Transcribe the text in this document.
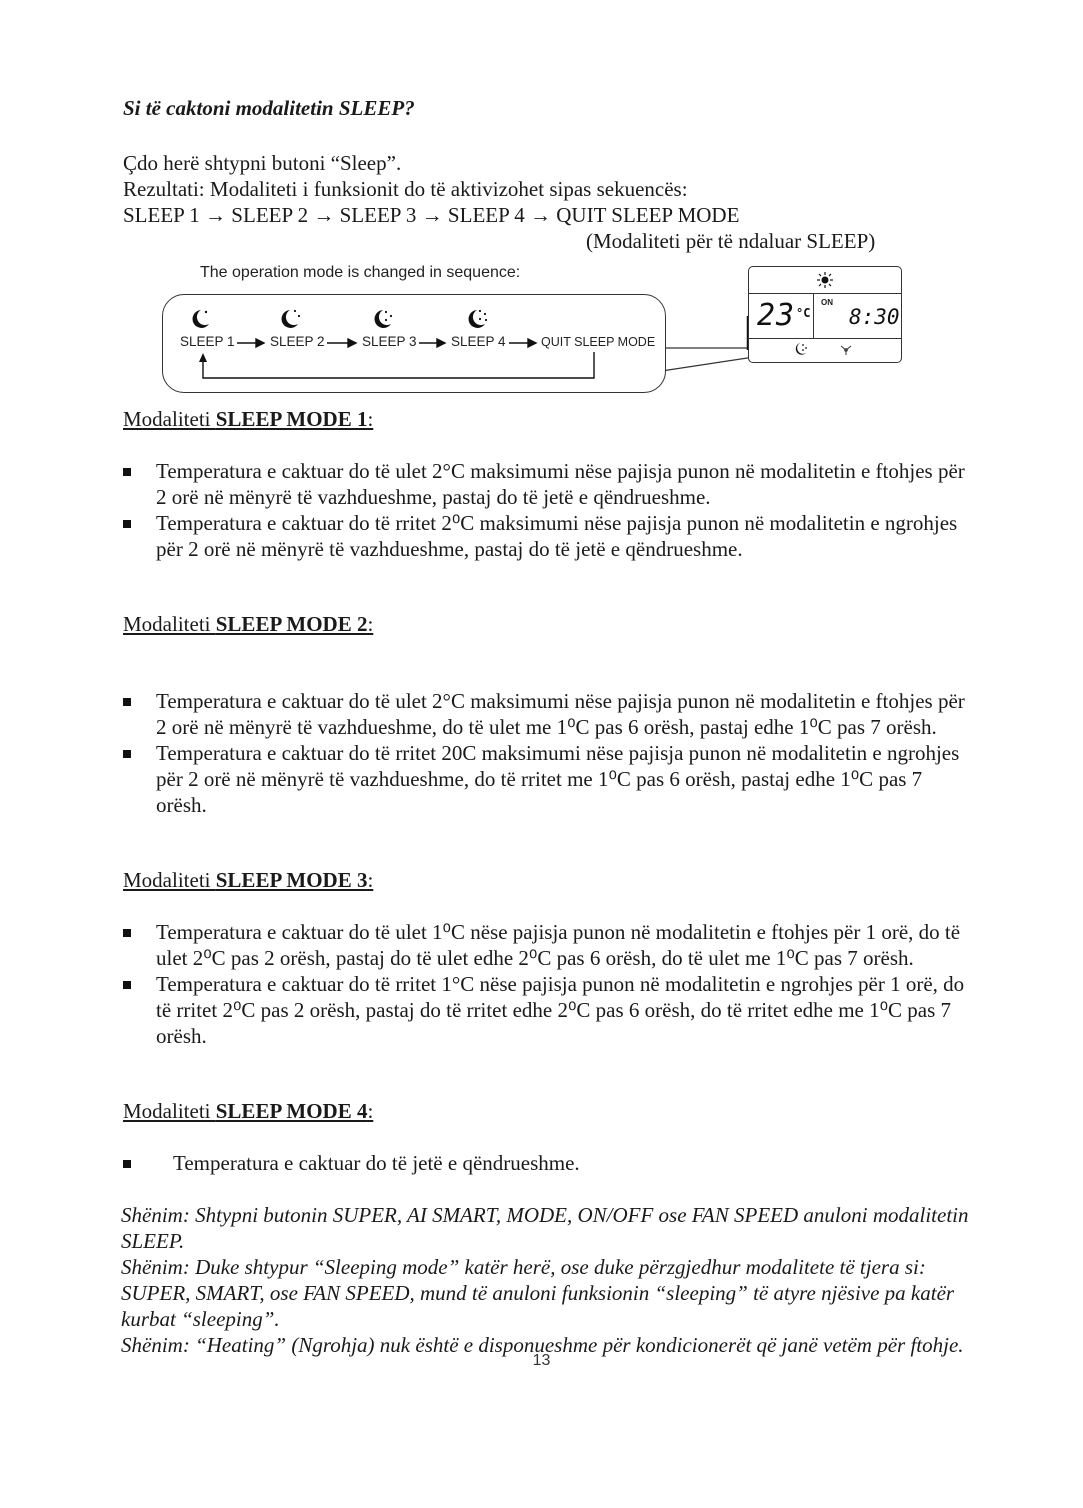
Si të caktoni modalitetin SLEEP?
Çdo herë shtypni butoni “Sleep”.
Rezultati: Modaliteti i funksionit do të aktivizohet sipas sekuencës:
SLEEP 1 → SLEEP 2 → SLEEP 3 → SLEEP 4 → QUIT SLEEP MODE
(Modaliteti për të ndaluar SLEEP)
The operation mode is changed in sequence:
SLEEP 1	SLEEP 2	SLEEP 3	SLEEP 4	QUIT SLEEP MODE
23 °C
ON
8:30
Modaliteti SLEEP MODE 1:
Temperatura e caktuar do të ulet 2°C maksimumi nëse pajisja punon në modalitetin e ftohjes për 2 orë në mënyrë të vazhdueshme, pastaj do të jetë e qëndrueshme.
Temperatura e caktuar do të rritet 2⁰C maksimumi nëse pajisja punon në modalitetin e ngrohjes për 2 orë në mënyrë të vazhdueshme, pastaj do të jetë e qëndrueshme.
Modaliteti SLEEP MODE 2:
Temperatura e caktuar do të ulet 2°C maksimumi nëse pajisja punon në modalitetin e ftohjes për 2 orë në mënyrë të vazhdueshme, do të ulet me 1⁰C pas 6 orësh, pastaj edhe 1⁰C pas 7 orësh.
Temperatura e caktuar do të rritet 20C maksimumi nëse pajisja punon në modalitetin e ngrohjes për 2 orë në mënyrë të vazhdueshme, do të rritet me 1⁰C pas 6 orësh, pastaj edhe 1⁰C pas 7 orësh.
Modaliteti SLEEP MODE 3:
Temperatura e caktuar do të ulet 1⁰C nëse pajisja punon në modalitetin e ftohjes për 1 orë, do të ulet 2⁰C pas 2 orësh, pastaj do të ulet edhe 2⁰C pas 6 orësh, do të ulet me 1⁰C pas 7 orësh.
Temperatura e caktuar do të rritet 1°C nëse pajisja punon në modalitetin e ngrohjes për 1 orë, do të rritet 2⁰C pas 2 orësh, pastaj do të rritet edhe 2⁰C pas 6 orësh, do të rritet edhe me 1⁰C pas 7 orësh.
Modaliteti SLEEP MODE 4:
Temperatura e caktuar do të jetë e qëndrueshme.

Shënim: Shtypni butonin SUPER, AI SMART, MODE, ON/OFF ose FAN SPEED anuloni modalitetin SLEEP.

Shënim: Duke shtypur “Sleeping mode” katër herë, ose duke përzgjedhur modalitete të tjera si: SUPER, SMART, ose FAN SPEED, mund të anuloni funksionin “sleeping” të atyre njësive pa katër kurbat “sleeping”.

Shënim: “Heating” (Ngrohja) nuk është e disponueshme për kondicionerët që janë vetëm për ftohje.

13
